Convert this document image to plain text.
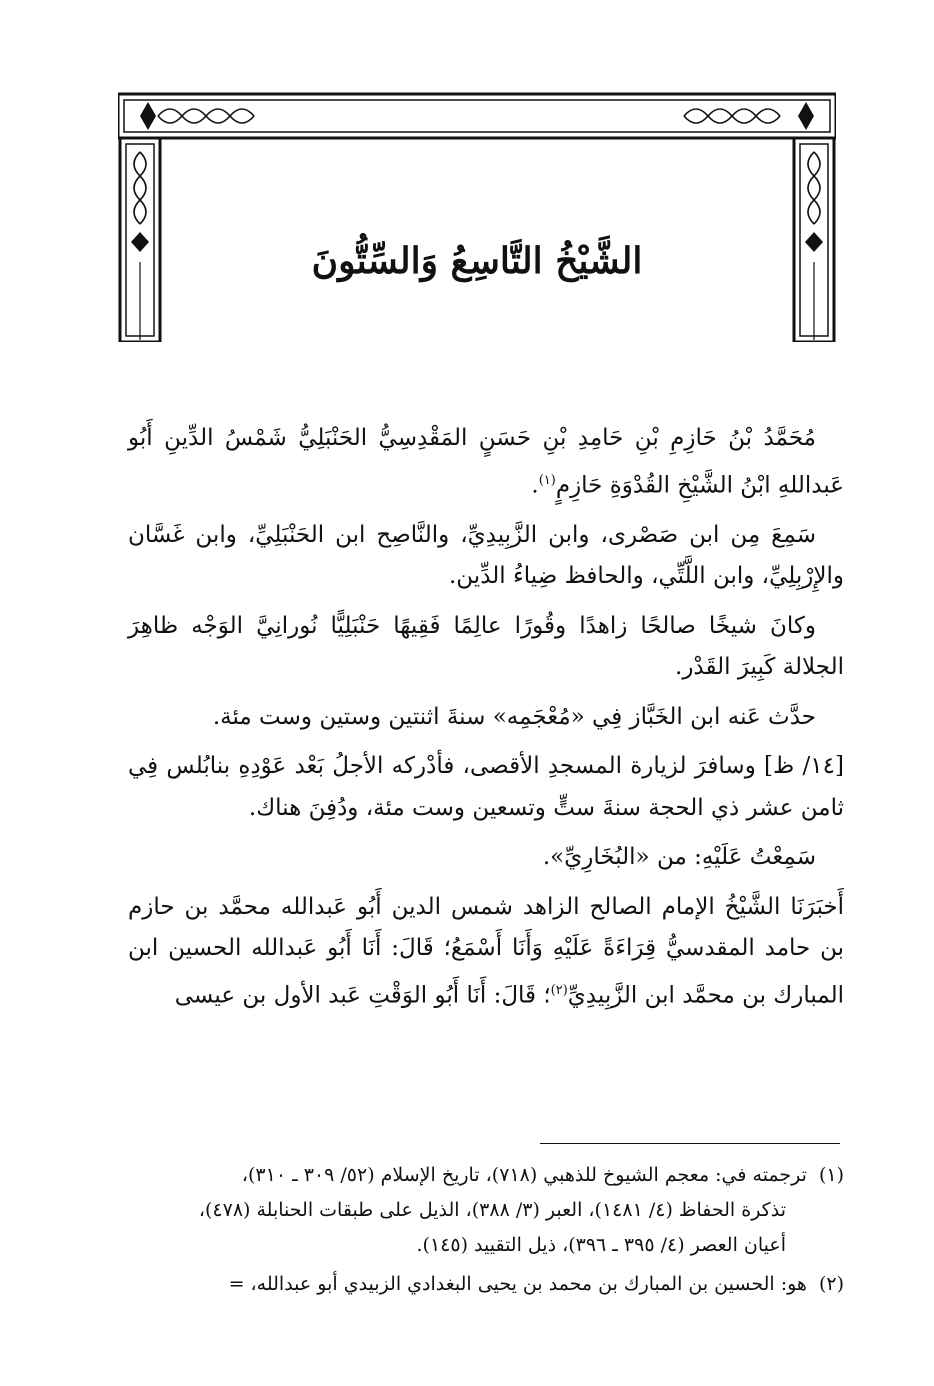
الشَّيْخُ التَّاسِعُ وَالسِّتُّونَ

مُحَمَّدُ بْنُ حَازِمِ بْنِ حَامِدِ بْنِ حَسَنٍ المَقْدِسِيُّ الحَنْبَلِيُّ شَمْسُ الدِّينِ أَبُو عَبداللهِ ابْنُ الشَّيْخِ القُدْوَةِ حَازِمٍ$^{(١)}$.

سَمِعَ مِن ابن صَصْرى، وابن الزَّبِيدِيِّ، والنَّاصِح ابن الحَنْبَلِيِّ، وابن غَسَّان والإِرْبِلِيِّ، وابن اللَّتِّي، والحافظ ضِياءُ الدِّين.

وكانَ شيخًا صالحًا زاهدًا وقُورًا عالِمًا فَقِيهًا حَنْبَلِيًّا نُورانِيَّ الوَجْه ظاهِرَ الجلالة كَبِيرَ القَدْر.

حدَّث عَنه ابن الخَبَّاز فِي «مُعْجَمِه» سنةَ اثنتين وستين وست مئة.

[١٤/ ظ] وسافرَ لزيارة المسجدِ الأقصى، فأدْركه الأجلُ بَعْد عَوْدِهِ بنابُلس فِي ثامن عشر ذي الحجة سنةَ ستٍّ وتسعين وست مئة، ودُفِنَ هناك.

سَمِعْتُ عَلَيْهِ: من «البُخَارِيِّ».

أَخبَرَنَا الشَّيْخُ الإمام الصالح الزاهد شمس الدين أَبُو عَبدالله محمَّد بن حازم بن حامد المقدسيُّ قِرَاءَةً عَلَيْهِ وَأَنَا أَسْمَعُ؛ قَالَ: أَنَا أَبُو عَبدالله الحسين ابن المبارك بن محمَّد ابن الزَّبِيدِيِّ$^{(٢)}$؛ قَالَ: أَنَا أَبُو الوَقْتِ عَبد الأول بن عيسى

(١)ترجمته في: معجم الشيوخ للذهبي (٧١٨)، تاريخ الإسلام (٥٢/ ٣٠٩ ـ ٣١٠)،
تذكرة الحفاظ (٤/ ١٤٨١)، العبر (٣/ ٣٨٨)، الذيل على طبقات الحنابلة (٤٧٨)،
أعيان العصر (٤/ ٣٩٥ ـ ٣٩٦)، ذيل التقييد (١٤٥).

(٢)هو: الحسين بن المبارك بن محمد بن يحيى البغدادي الزبيدي أبو عبدالله، =
